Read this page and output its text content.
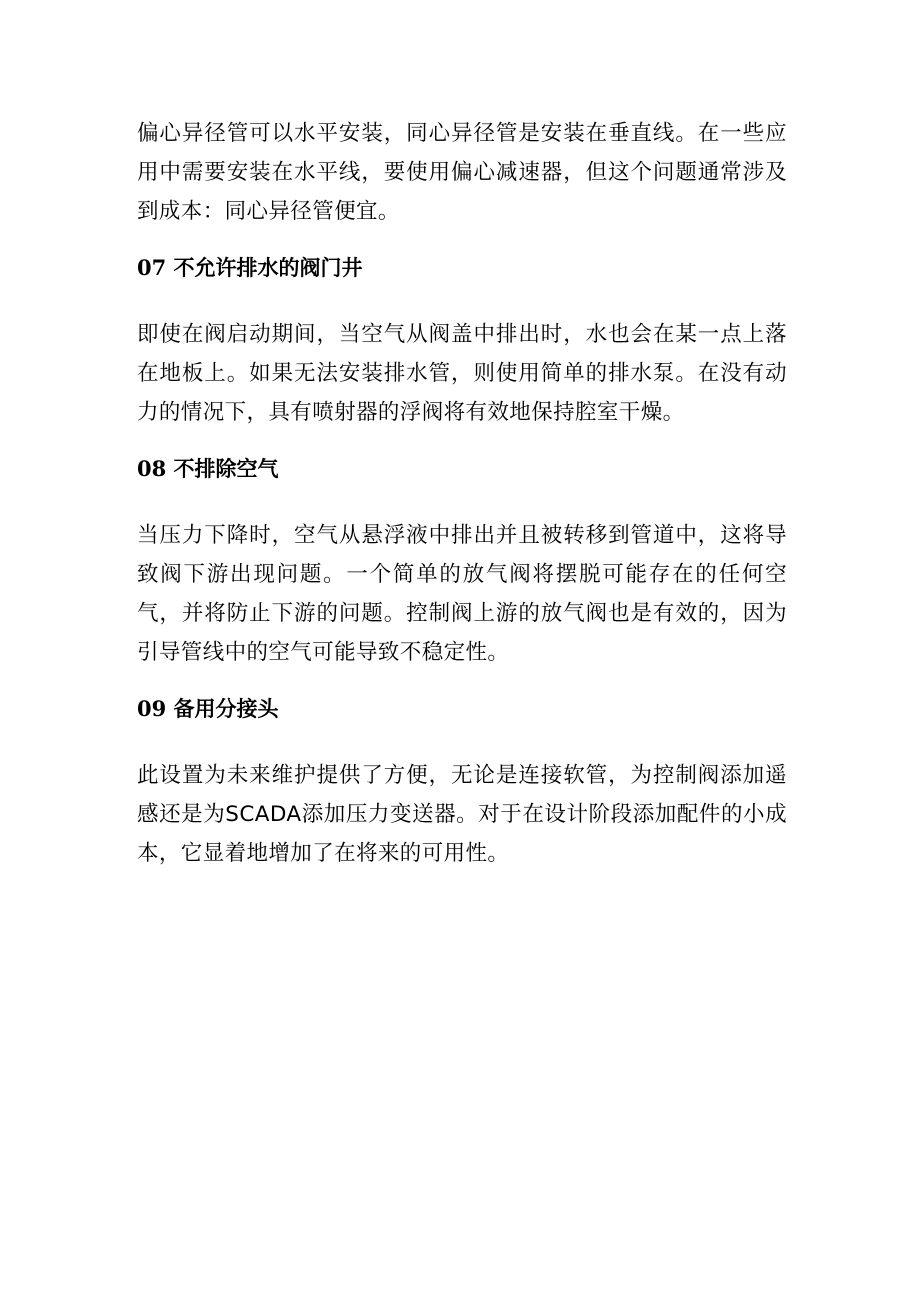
偏心异径管可以水平安装，同心异径管是安装在垂直线。在一些应用中需要安装在水平线，要使用偏心减速器，但这个问题通常涉及到成本：同心异径管便宜。

07 不允许排水的阀门井

即使在阀启动期间，当空气从阀盖中排出时，水也会在某一点上落在地板上。如果无法安装排水管，则使用简单的排水泵。在没有动力的情况下，具有喷射器的浮阀将有效地保持腔室干燥。

08 不排除空气

当压力下降时，空气从悬浮液中排出并且被转移到管道中，这将导致阀下游出现问题。一个简单的放气阀将摆脱可能存在的任何空气，并将防止下游的问题。控制阀上游的放气阀也是有效的，因为引导管线中的空气可能导致不稳定性。

09 备用分接头

此设置为未来维护提供了方便，无论是连接软管，为控制阀添加遥感还是为SCADA添加压力变送器。对于在设计阶段添加配件的小成本，它显着地增加了在将来的可用性。
